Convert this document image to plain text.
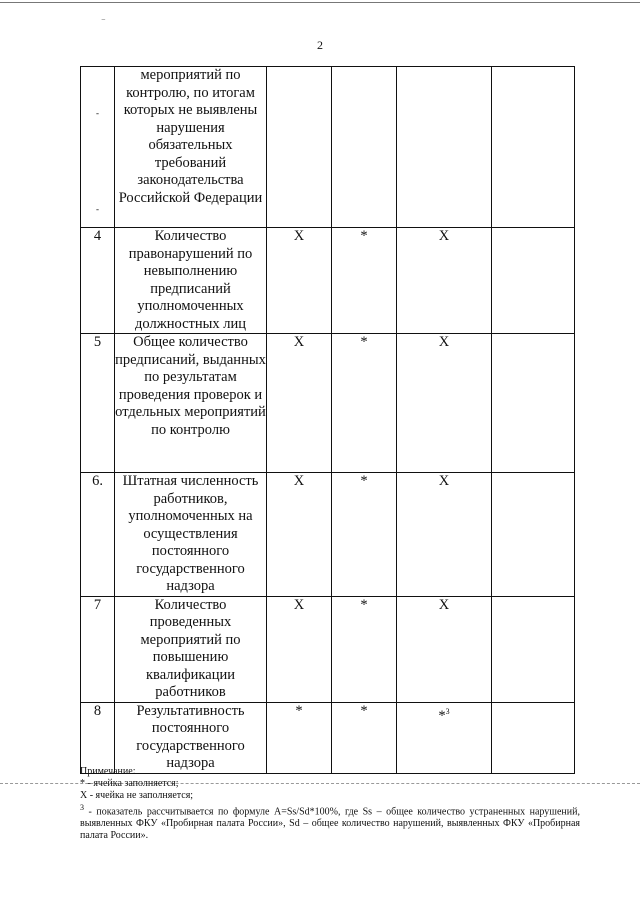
⁻
2
-
-	мероприятий по контролю, по итогам которых не выявлены нарушения обязательных требований законодательства Российской Федерации				
4	Количество правонарушений по невыполнению предписаний уполномоченных должностных лиц	X	*	X	
5	Общее количество предписаний, выданных по результатам проведения проверок и отдельных мероприятий по контролю	X	*	X	
6.	Штатная численность работников, уполномоченных на осуществления постоянного государственного надзора	X	*	X	
7	Количество проведенных мероприятий по повышению квалификации работников	X	*	X	
8	Результативность постоянного государственного надзора	*	*	*$^3$	

Примечание:

* - ячейка заполняется;

Х - ячейка не заполняется;

$^3$ - показатель рассчитывается по формуле A=Ss/Sd*100%, где Ss – общее количество устраненных нарушений, выявленных ФКУ «Пробирная палата России», Sd – общее количество нарушений, выявленных ФКУ «Пробирная палата России».
